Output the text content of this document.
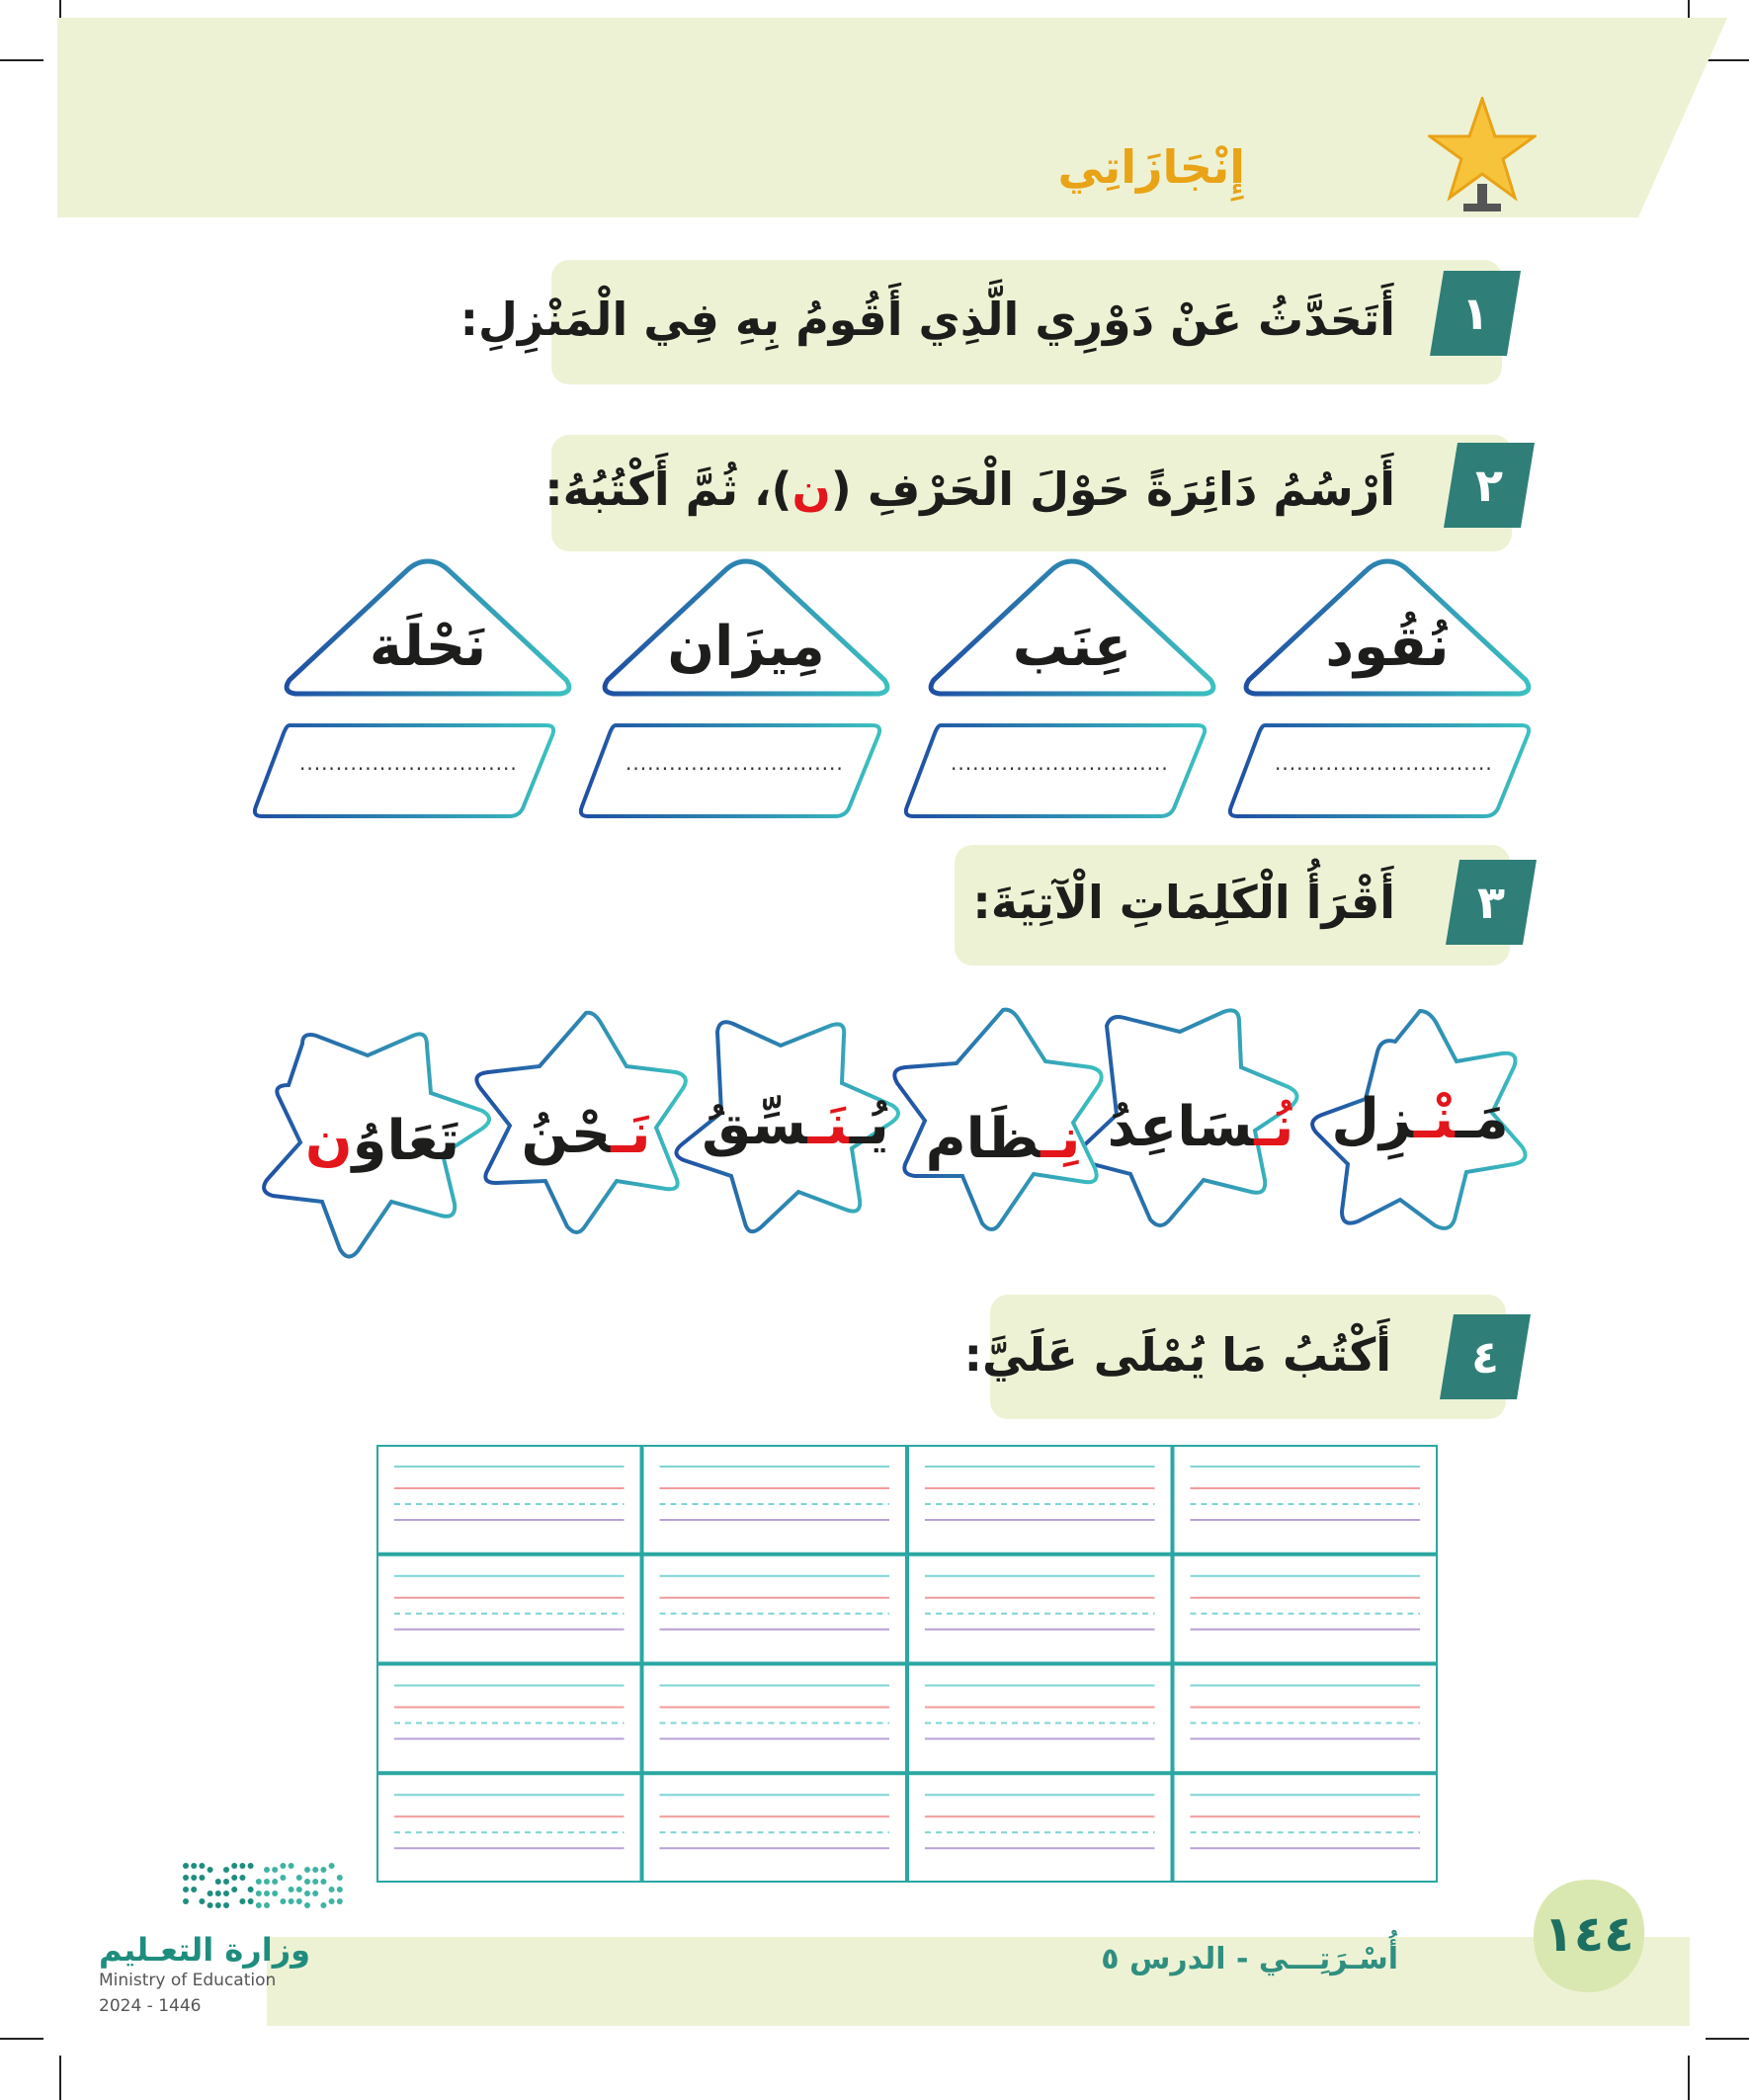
إِنْجَازَاتِي
أَتَحَدَّثُ عَنْ دَوْرِي الَّذِي أَقُومُ بِهِ فِي الْمَنْزِلِ: ١
أَرْسُمُ دَائِرَةً حَوْلَ الْحَرْفِ (ن)، ثُمَّ أَكْتُبُهُ:	٢
نُقُود
عِنَب
مِيزَان
نَحْلَة
..............................
..............................
..............................
..............................
أَقْرَأُ الْكَلِمَاتِ الْآتِيَةَ: ٣
مَـنْـزِل
نُـسَاعِدُ
نِـظَام
يُـنَـسِّقُ
نَـحْنُ
تَعَاوُن
أَكْتُبُ مَا يُمْلَى عَلَيَّ: ٤
أُسْـرَتِـــي - الدرس ٥	١٤٤
وزارة التعـليم
Ministry of Education
2024 - 1446
